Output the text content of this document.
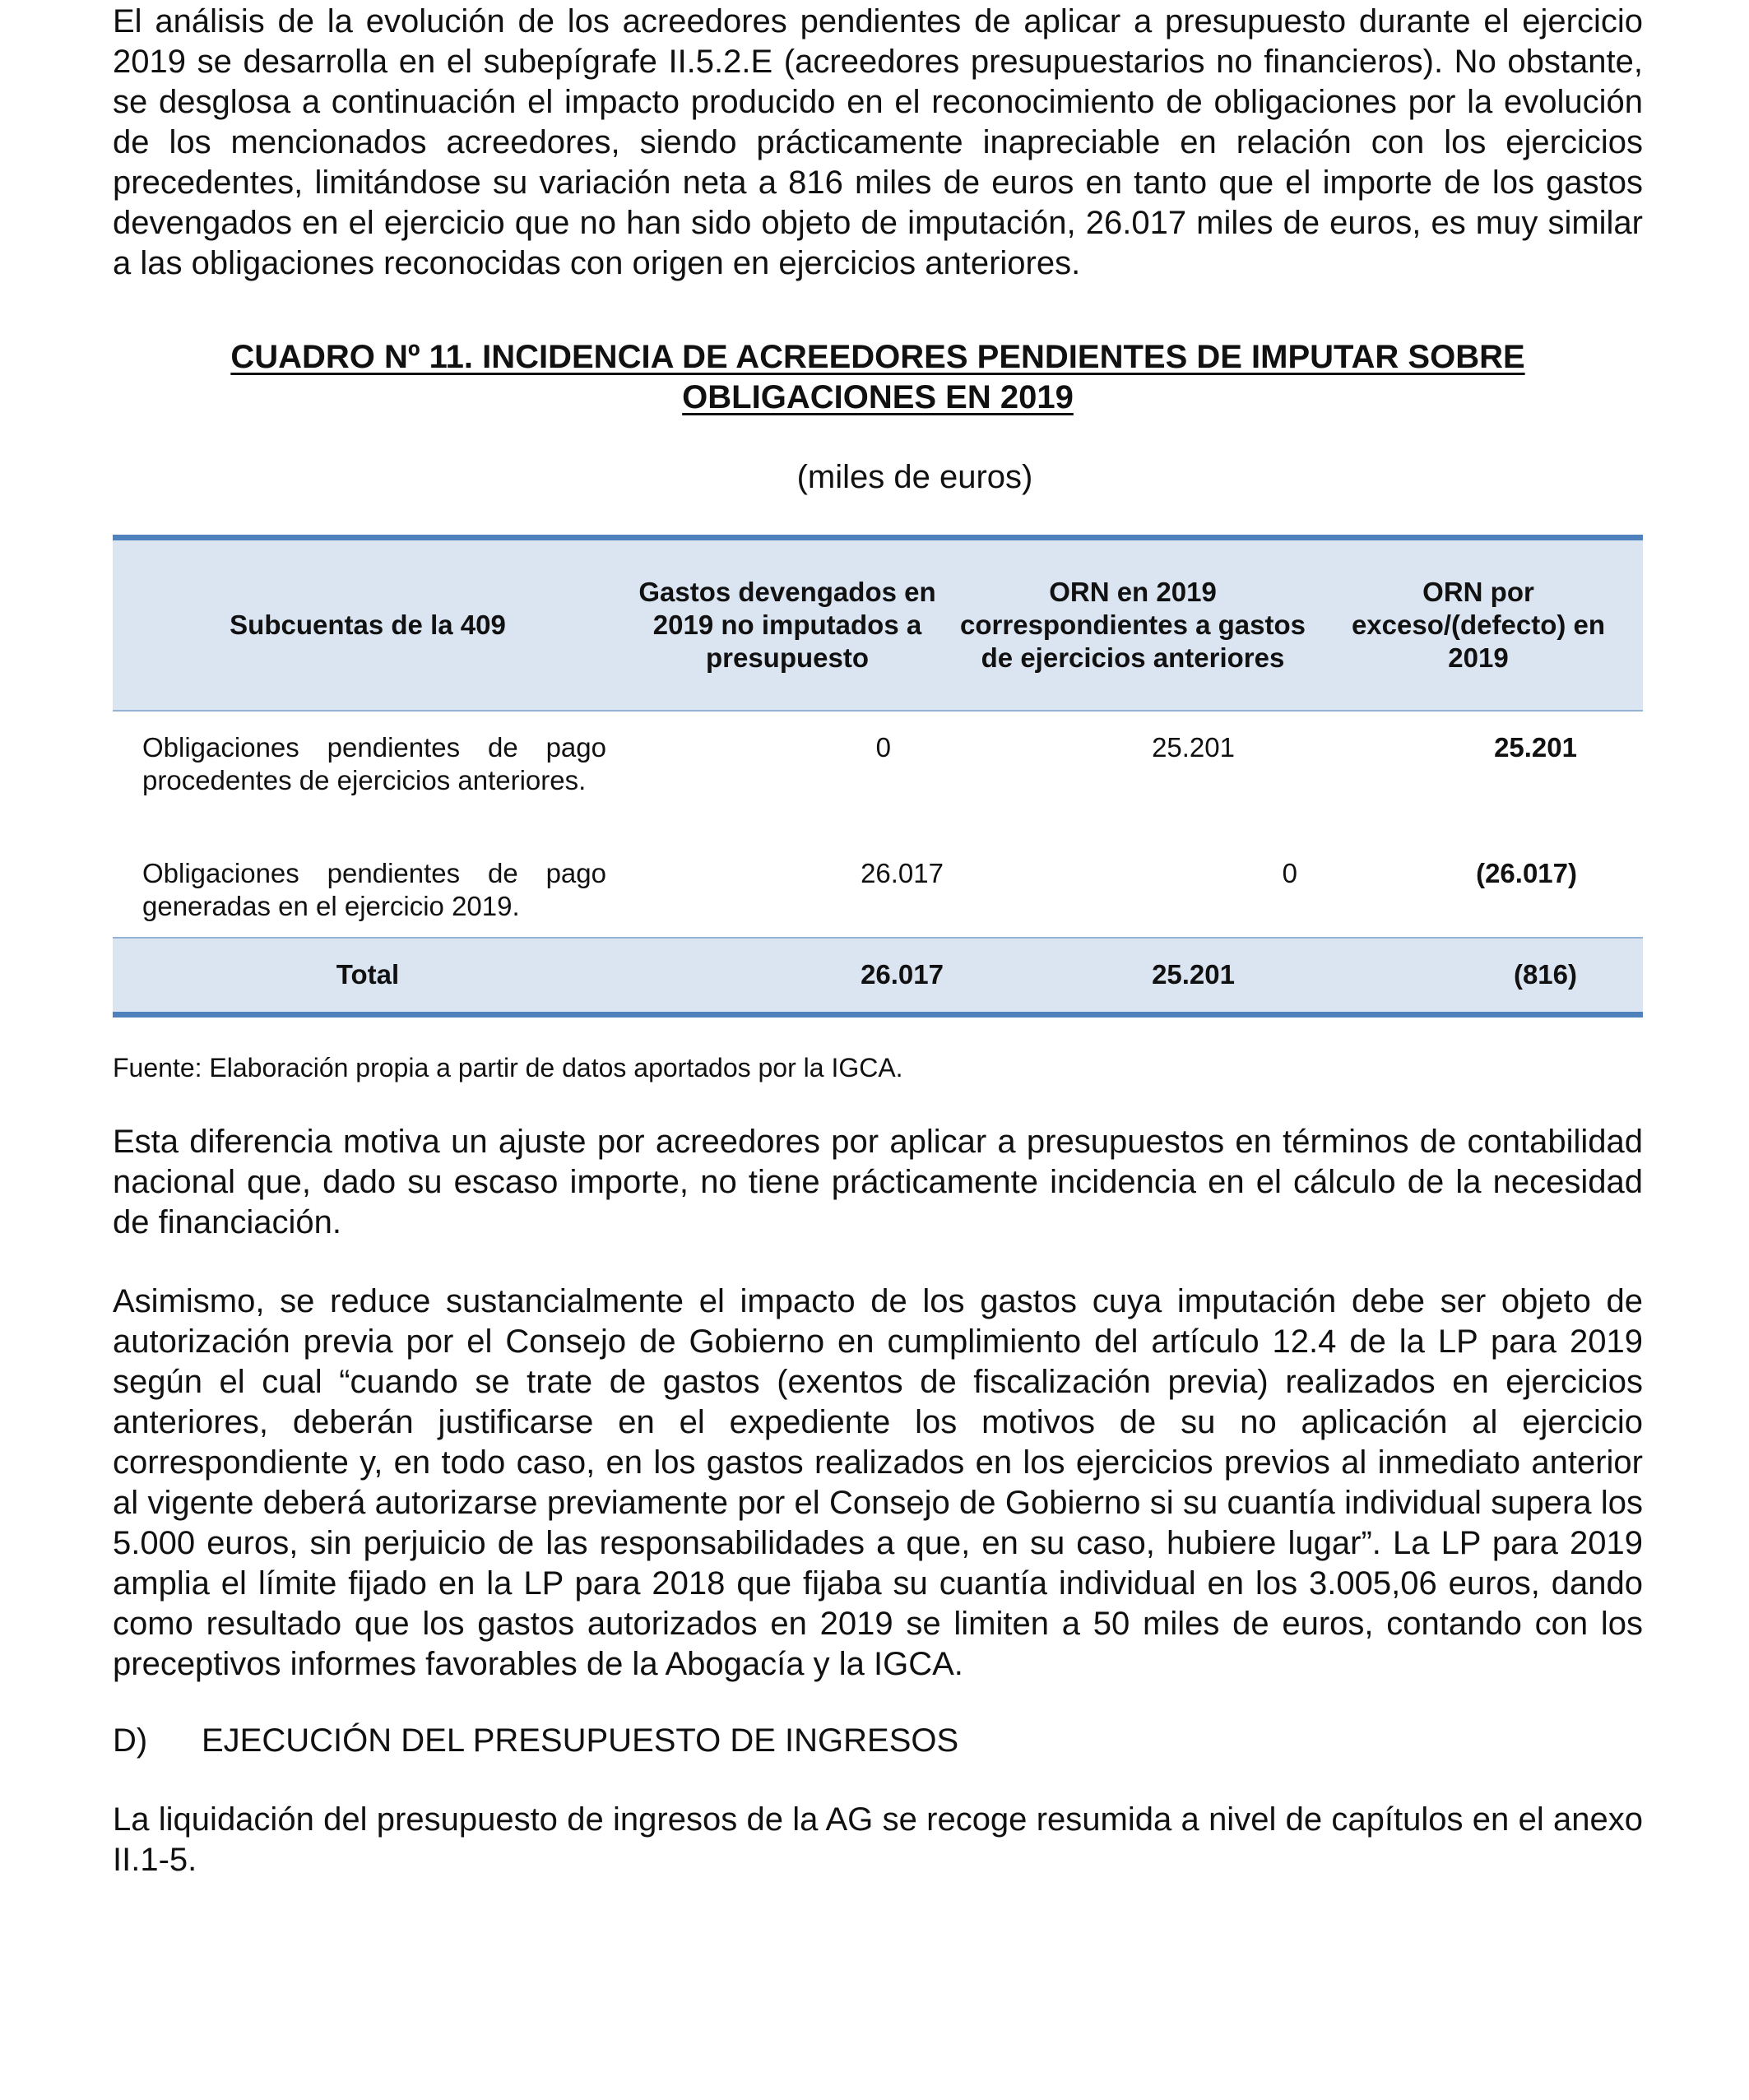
El análisis de la evolución de los acreedores pendientes de aplicar a presupuesto durante el ejercicio 2019 se desarrolla en el subepígrafe II.5.2.E (acreedores presupuestarios no financieros). No obstante, se desglosa a continuación el impacto producido en el reconocimiento de obligaciones por la evolución de los mencionados acreedores, siendo prácticamente inapreciable en relación con los ejercicios precedentes, limitándose su variación neta a 816 miles de euros en tanto que el importe de los gastos devengados en el ejercicio que no han sido objeto de imputación, 26.017 miles de euros, es muy similar a las obligaciones reconocidas con origen en ejercicios anteriores.

CUADRO Nº 11. INCIDENCIA DE ACREEDORES PENDIENTES DE IMPUTAR SOBRE
OBLIGACIONES EN 2019
(miles de euros)
Subcuentas de la 409	Gastos devengados en 2019 no imputados a presupuesto	ORN en 2019 correspondientes a gastos de ejercicios anteriores	ORN por exceso/(defecto) en 2019
Obligaciones pendientes de pago procedentes de ejercicios anteriores.	0	25.201	25.201
Obligaciones pendientes de pago generadas en el ejercicio 2019.	26.017	0	(26.017)
Total	26.017	25.201	(816)
Fuente: Elaboración propia a partir de datos aportados por la IGCA.

Esta diferencia motiva un ajuste por acreedores por aplicar a presupuestos en términos de contabilidad nacional que, dado su escaso importe, no tiene prácticamente incidencia en el cálculo de la necesidad de financiación.

Asimismo, se reduce sustancialmente el impacto de los gastos cuya imputación debe ser objeto de autorización previa por el Consejo de Gobierno en cumplimiento del artículo 12.4 de la LP para 2019 según el cual “cuando se trate de gastos (exentos de fiscalización previa) realizados en ejercicios anteriores, deberán justificarse en el expediente los motivos de su no aplicación al ejercicio correspondiente y, en todo caso, en los gastos realizados en los ejercicios previos al inmediato anterior al vigente deberá autorizarse previamente por el Consejo de Gobierno si su cuantía individual supera los 5.000 euros, sin perjuicio de las responsabilidades a que, en su caso, hubiere lugar”. La LP para 2019 amplia el límite fijado en la LP para 2018 que fijaba su cuantía individual en los 3.005,06 euros, dando como resultado que los gastos autorizados en 2019 se limiten a 50 miles de euros, contando con los preceptivos informes favorables de la Abogacía y la IGCA.

D) EJECUCIÓN DEL PRESUPUESTO DE INGRESOS

La liquidación del presupuesto de ingresos de la AG se recoge resumida a nivel de capítulos en el anexo II.1-5.
